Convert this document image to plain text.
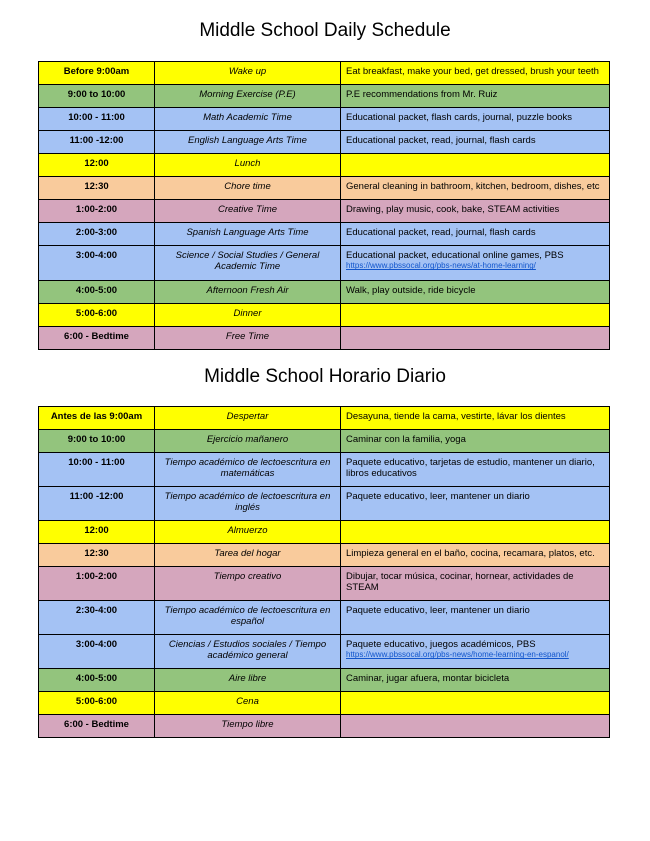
Middle School Daily Schedule
Before 9:00am	Wake up	Eat breakfast, make your bed, get dressed, brush your teeth
9:00 to 10:00	Morning Exercise (P.E)	P.E recommendations from Mr. Ruiz
10:00 - 11:00	Math Academic Time	Educational packet, flash cards, journal, puzzle books
11:00 -12:00	English Language Arts Time	Educational packet, read, journal, flash cards
12:00	Lunch	
12:30	Chore time	General cleaning in bathroom, kitchen, bedroom, dishes, etc
1:00-2:00	Creative Time	Drawing, play music, cook, bake, STEAM activities
2:00-3:00	Spanish Language Arts Time	Educational packet, read, journal, flash cards
3:00-4:00	Science / Social Studies / General Academic Time	Educational packet, educational online games, PBS
https://www.pbssocal.org/pbs-news/at-home-learning/

4:00-5:00	Afternoon Fresh Air	Walk, play outside, ride bicycle
5:00-6:00	Dinner	
6:00 - Bedtime	Free Time	
Middle School Horario Diario
Antes de las 9:00am	Despertar	Desayuna, tiende la cama, vestirte, lávar los dientes
9:00 to 10:00	Ejercicio mañanero	Caminar con la familia, yoga
10:00 - 11:00	Tiempo académico de lectoescritura en matemáticas	Paquete educativo, tarjetas de estudio, mantener un diario, libros educativos
11:00 -12:00	Tiempo académico de lectoescritura en inglés	Paquete educativo, leer, mantener un diario
12:00	Almuerzo	
12:30	Tarea del hogar	Limpieza general en el baño, cocina, recamara, platos, etc.
1:00-2:00	Tiempo creativo	Dibujar, tocar música, cocinar, hornear, actividades de STEAM
2:30-4:00	Tiempo académico de lectoescritura en español	Paquete educativo, leer, mantener un diario
3:00-4:00	Ciencias / Estudios sociales / Tiempo académico general	Paquete educativo, juegos académicos, PBS
https://www.pbssocal.org/pbs-news/home-learning-en-espanol/

4:00-5:00	Aire libre	Caminar, jugar afuera, montar bicicleta
5:00-6:00	Cena	
6:00 - Bedtime	Tiempo libre	
